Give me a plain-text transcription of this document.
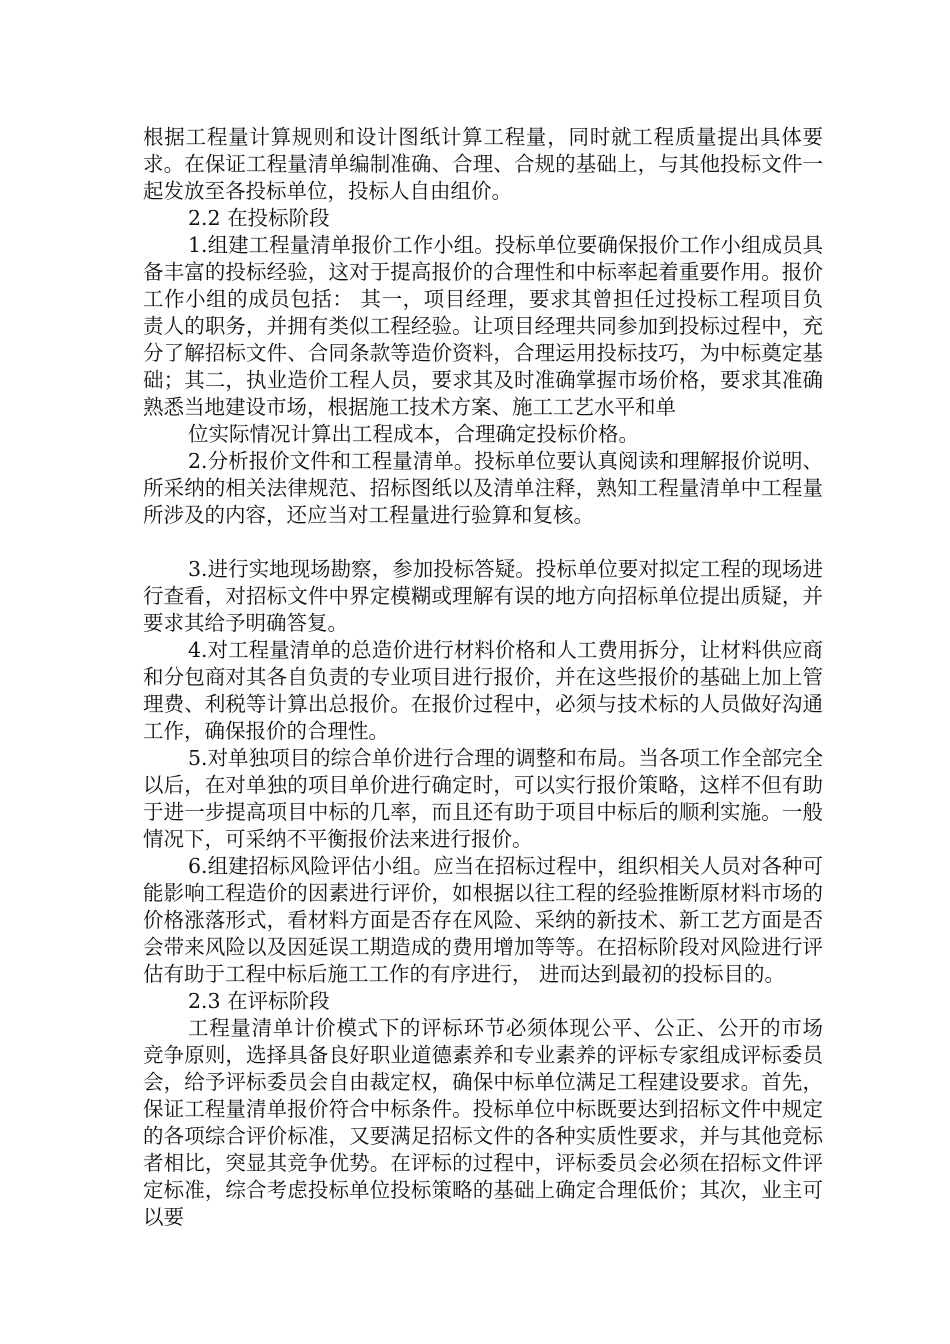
根据工程量计算规则和设计图纸计算工程量，同时就工程质量提出具体要求。在保证工程量清单编制准确、合理、合规的基础上，与其他投标文件一起发放至各投标单位，投标人自由组价。

2.2 在投标阶段

1.组建工程量清单报价工作小组。投标单位要确保报价工作小组成员具备丰富的投标经验，这对于提高报价的合理性和中标率起着重要作用。报价工作小组的成员包括： 其一，项目经理，要求其曾担任过投标工程项目负责人的职务，并拥有类似工程经验。让项目经理共同参加到投标过程中，充分了解招标文件、合同条款等造价资料，合理运用投标技巧，为中标奠定基础；其二，执业造价工程人员，要求其及时准确掌握市场价格，要求其准确熟悉当地建设市场，根据施工技术方案、施工工艺水平和单

位实际情况计算出工程成本，合理确定投标价格。

2.分析报价文件和工程量清单。投标单位要认真阅读和理解报价说明、所采纳的相关法律规范、招标图纸以及清单注释，熟知工程量清单中工程量所涉及的内容，还应当对工程量进行验算和复核。

3.进行实地现场勘察，参加投标答疑。投标单位要对拟定工程的现场进行查看，对招标文件中界定模糊或理解有误的地方向招标单位提出质疑，并要求其给予明确答复。

4.对工程量清单的总造价进行材料价格和人工费用拆分，让材料供应商和分包商对其各自负责的专业项目进行报价，并在这些报价的基础上加上管理费、利税等计算出总报价。在报价过程中，必须与技术标的人员做好沟通工作，确保报价的合理性。

5.对单独项目的综合单价进行合理的调整和布局。当各项工作全部完全以后，在对单独的项目单价进行确定时，可以实行报价策略，这样不但有助于进一步提高项目中标的几率，而且还有助于项目中标后的顺利实施。一般情况下，可采纳不平衡报价法来进行报价。

6.组建招标风险评估小组。应当在招标过程中，组织相关人员对各种可能影响工程造价的因素进行评价，如根据以往工程的经验推断原材料市场的价格涨落形式，看材料方面是否存在风险、采纳的新技术、新工艺方面是否会带来风险以及因延误工期造成的费用增加等等。在招标阶段对风险进行评估有助于工程中标后施工工作的有序进行， 进而达到最初的投标目的。

2.3 在评标阶段

工程量清单计价模式下的评标环节必须体现公平、公正、公开的市场竞争原则，选择具备良好职业道德素养和专业素养的评标专家组成评标委员会，给予评标委员会自由裁定权，确保中标单位满足工程建设要求。首先，保证工程量清单报价符合中标条件。投标单位中标既要达到招标文件中规定的各项综合评价标准，又要满足招标文件的各种实质性要求，并与其他竞标者相比，突显其竞争优势。在评标的过程中，评标委员会必须在招标文件评定标准，综合考虑投标单位投标策略的基础上确定合理低价；其次，业主可以要
